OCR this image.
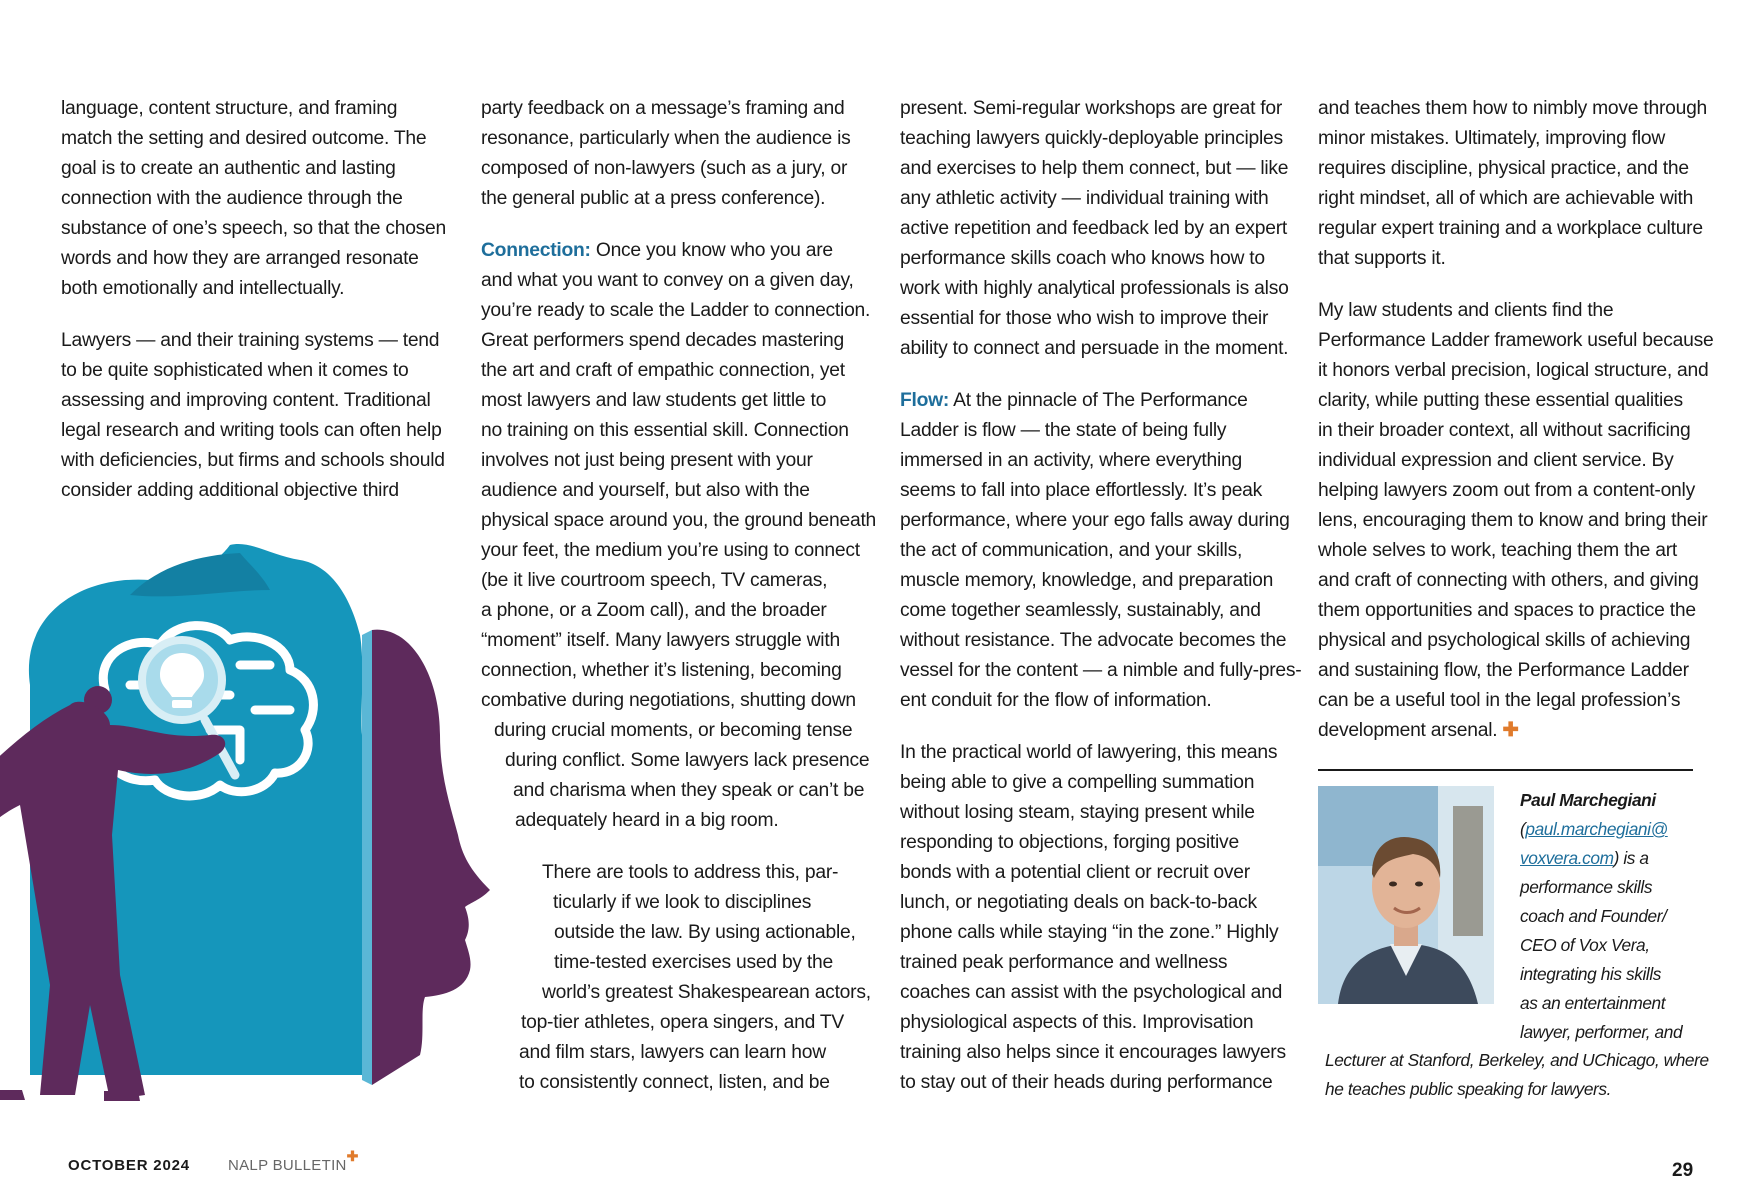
language, content structure, and framing
match the setting and desired outcome. The
goal is to create an authentic and lasting
connection with the audience through the
substance of one’s speech, so that the chosen
words and how they are arranged resonate
both emotionally and intellectually.

Lawyers — and their training systems — tend
to be quite sophisticated when it comes to
assessing and improving content. Traditional
legal research and writing tools can often help
with deficiencies, but firms and schools should
consider adding additional objective third

party feedback on a message’s framing and
resonance, particularly when the audience is
composed of non-lawyers (such as a jury, or
the general public at a press conference).

Connection: Once you know who you are
and what you want to convey on a given day,
you’re ready to scale the Ladder to connection.
Great performers spend decades mastering
the art and craft of empathic connection, yet
most lawyers and law students get little to
no training on this essential skill. Connection
involves not just being present with your
audience and yourself, but also with the
physical space around you, the ground beneath
your feet, the medium you’re using to connect
(be it live courtroom speech, TV cameras,
a phone, or a Zoom call), and the broader
“moment” itself. Many lawyers struggle with
connection, whether it’s listening, becoming
combative during negotiations, shutting down
during crucial moments, or becoming tense
during conflict. Some lawyers lack presence
and charisma when they speak or can’t be
adequately heard in a big room.

There are tools to address this, par-
ticularly if we look to disciplines
outside the law. By using actionable,
time-tested exercises used by the
world’s greatest Shakespearean actors,
top-tier athletes, opera singers, and TV
and film stars, lawyers can learn how
to consistently connect, listen, and be

present. Semi-regular workshops are great for
teaching lawyers quickly-deployable principles
and exercises to help them connect, but — like
any athletic activity — individual training with
active repetition and feedback led by an expert
performance skills coach who knows how to
work with highly analytical professionals is also
essential for those who wish to improve their
ability to connect and persuade in the moment.

Flow: At the pinnacle of The Performance
Ladder is flow — the state of being fully
immersed in an activity, where everything
seems to fall into place effortlessly. It’s peak
performance, where your ego falls away during
the act of communication, and your skills,
muscle memory, knowledge, and preparation
come together seamlessly, sustainably, and
without resistance. The advocate becomes the
vessel for the content — a nimble and fully-pres-
ent conduit for the flow of information.

In the practical world of lawyering, this means
being able to give a compelling summation
without losing steam, staying present while
responding to objections, forging positive
bonds with a potential client or recruit over
lunch, or negotiating deals on back-to-back
phone calls while staying “in the zone.” Highly
trained peak performance and wellness
coaches can assist with the psychological and
physiological aspects of this. Improvisation
training also helps since it encourages lawyers
to stay out of their heads during performance

and teaches them how to nimbly move through
minor mistakes. Ultimately, improving flow
requires discipline, physical practice, and the
right mindset, all of which are achievable with
regular expert training and a workplace culture
that supports it.

My law students and clients find the
Performance Ladder framework useful because
it honors verbal precision, logical structure, and
clarity, while putting these essential qualities
in their broader context, all without sacrificing
individual expression and client service. By
helping lawyers zoom out from a content-only
lens, encouraging them to know and bring their
whole selves to work, teaching them the art
and craft of connecting with others, and giving
them opportunities and spaces to practice the
physical and psychological skills of achieving
and sustaining flow, the Performance Ladder
can be a useful tool in the legal profession’s
development arsenal. ✚

Paul Marchegiani
(paul.marchegiani@
voxvera.com) is a
performance skills
coach and Founder/
CEO of Vox Vera,
integrating his skills
as an entertainment
lawyer, performer, and
Lecturer at Stanford, Berkeley, and UChicago, where
he teaches public speaking for lawyers.
OCTOBER 2024	NALP BULLETIN✚
29
